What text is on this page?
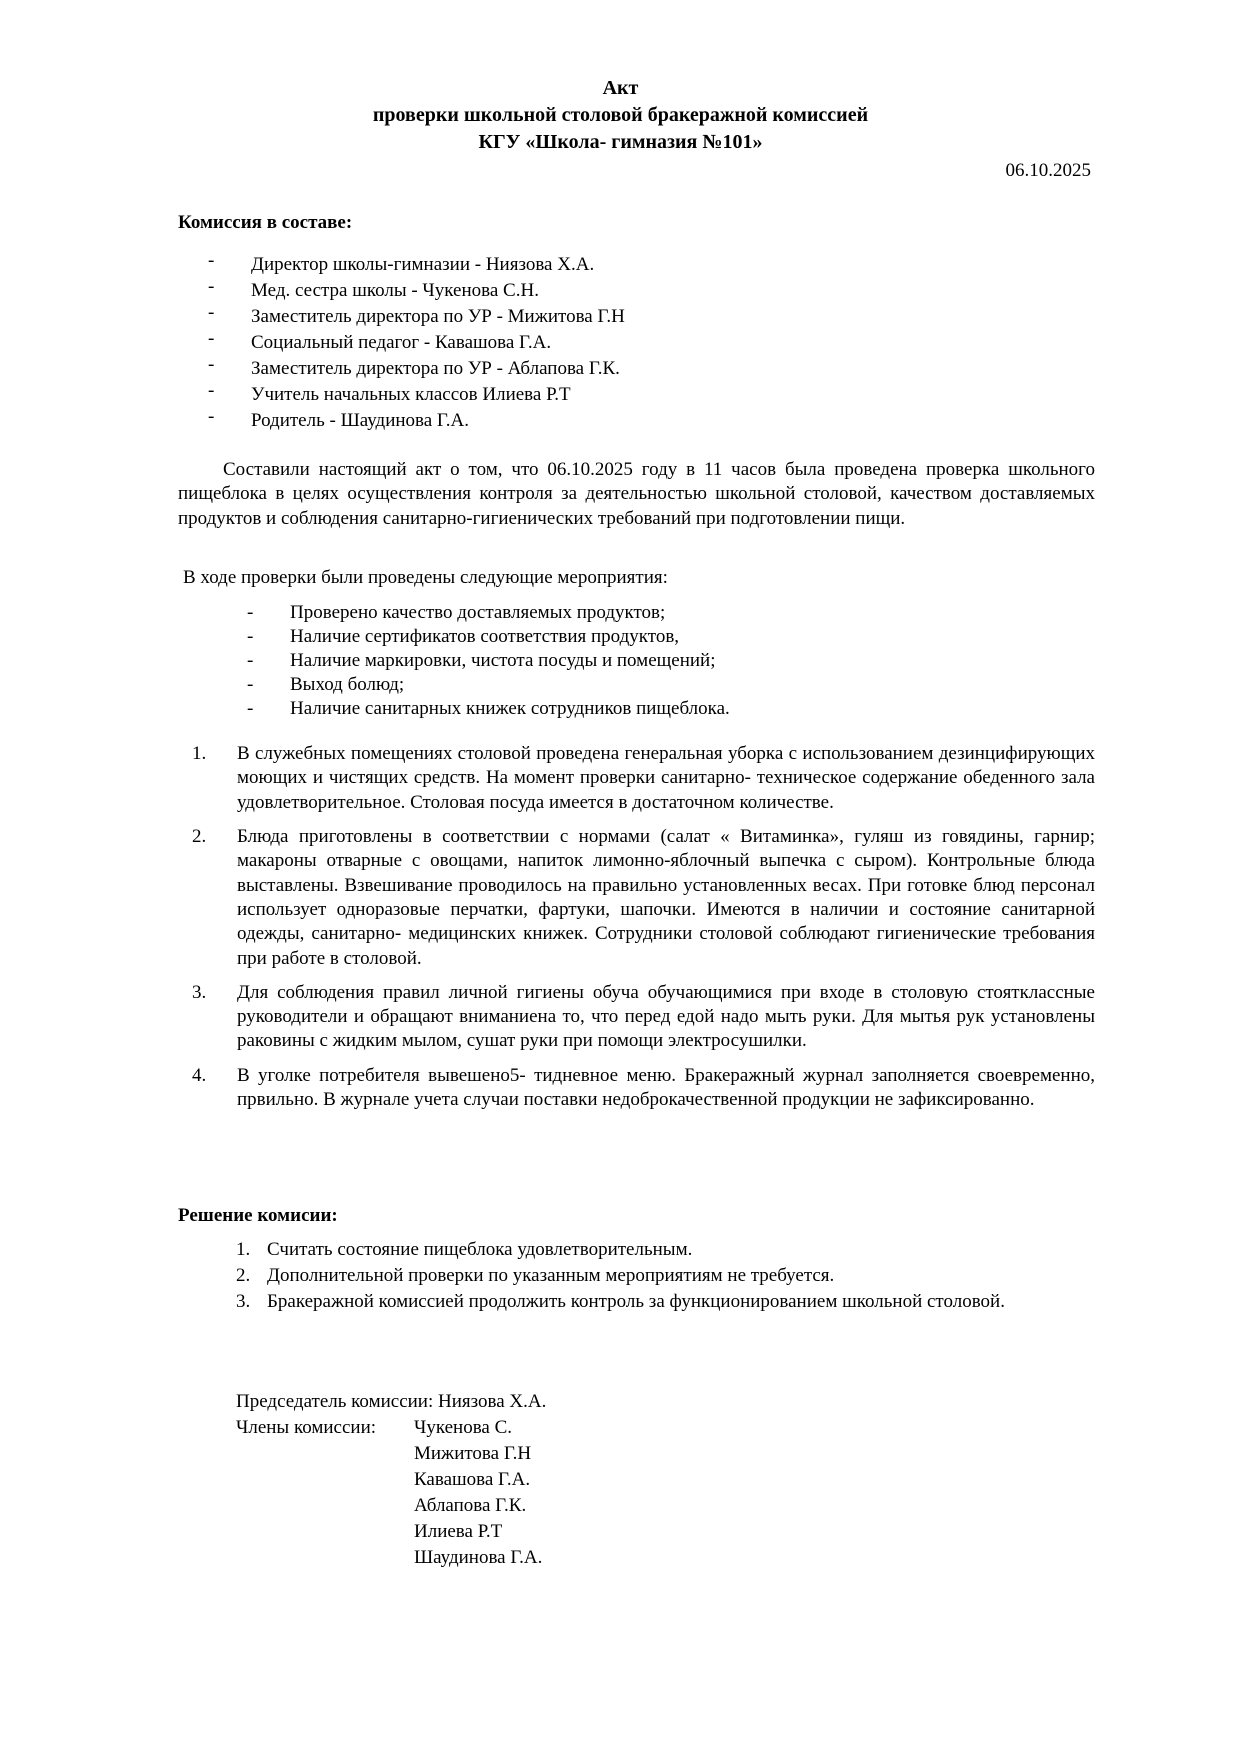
Акт
проверки школьной столовой бракеражной комиссией
КГУ «Школа- гимназия №101»
06.10.2025
Комиссия в составе:
- Директор школы-гимназии - Ниязова Х.А.
- Мед. сестра школы - Чукенова С.Н.
- Заместитель директора по УР - Мижитова Г.Н
- Социальный педагог - Кавашова Г.А.
- Заместитель директора по УР - Аблапова Г.К.
- Учитель начальных классов Илиева Р.Т
- Родитель - Шаудинова Г.А.
Составили настоящий акт о том, что 06.10.2025 году в 11 часов была проведена проверка школьного пищеблока в целях осуществления контроля за деятельностью школьной столовой, качеством доставляемых продуктов и соблюдения санитарно-гигиенических требований при подготовлении пищи.
В ходе проверки были проведены следующие мероприятия:
- Проверено качество доставляемых продуктов;
- Наличие сертификатов соответствия продуктов,
- Наличие маркировки, чистота посуды и помещений;
- Выход болюд;
- Наличие санитарных книжек сотрудников пищеблока.
1. В служебных помещениях столовой проведена генеральная уборка с использованием дезинцифирующих моющих и чистящих средств. На момент проверки санитарно- техническое содержание обеденного зала удовлетворительное. Столовая посуда имеется в достаточном количестве.
2. Блюда приготовлены в соответствии с нормами (салат « Витаминка», гуляш из говядины, гарнир; макароны отварные с овощами, напиток лимонно-яблочный выпечка с сыром). Контрольные блюда выставлены. Взвешивание проводилось на правильно установленных весах. При готовке блюд персонал использует одноразовые перчатки, фартуки, шапочки. Имеются в наличии и состояние санитарной одежды, санитарно- медицинских книжек. Сотрудники столовой соблюдают гигиенические требования при работе в столовой.
3. Для соблюдения правил личной гигиены обуча обучающимися при входе в столовую стоятклассные руководители и обращают вниманиена то, что перед едой надо мыть руки. Для мытья рук установлены раковины с жидким мылом, сушат руки при помощи электросушилки.
4. В уголке потребителя вывешено5- тидневное меню. Бракеражный журнал заполняется своевременно, првильно. В журнале учета случаи поставки недоброкачественной продукции не зафиксированно.
Решение комисии:
1. Считать состояние пищеблока удовлетворительным.
2. Дополнительной проверки по указанным мероприятиям не требуется.
3. Бракеражной комиссией продолжить контроль за функционированием школьной столовой.
Председатель комиссии: Ниязова Х.А.
Члены комиссии: Чукенова С.
Мижитова Г.Н
Кавашова Г.А.
Аблапова Г.К.
Илиева Р.Т
Шаудинова Г.А.
